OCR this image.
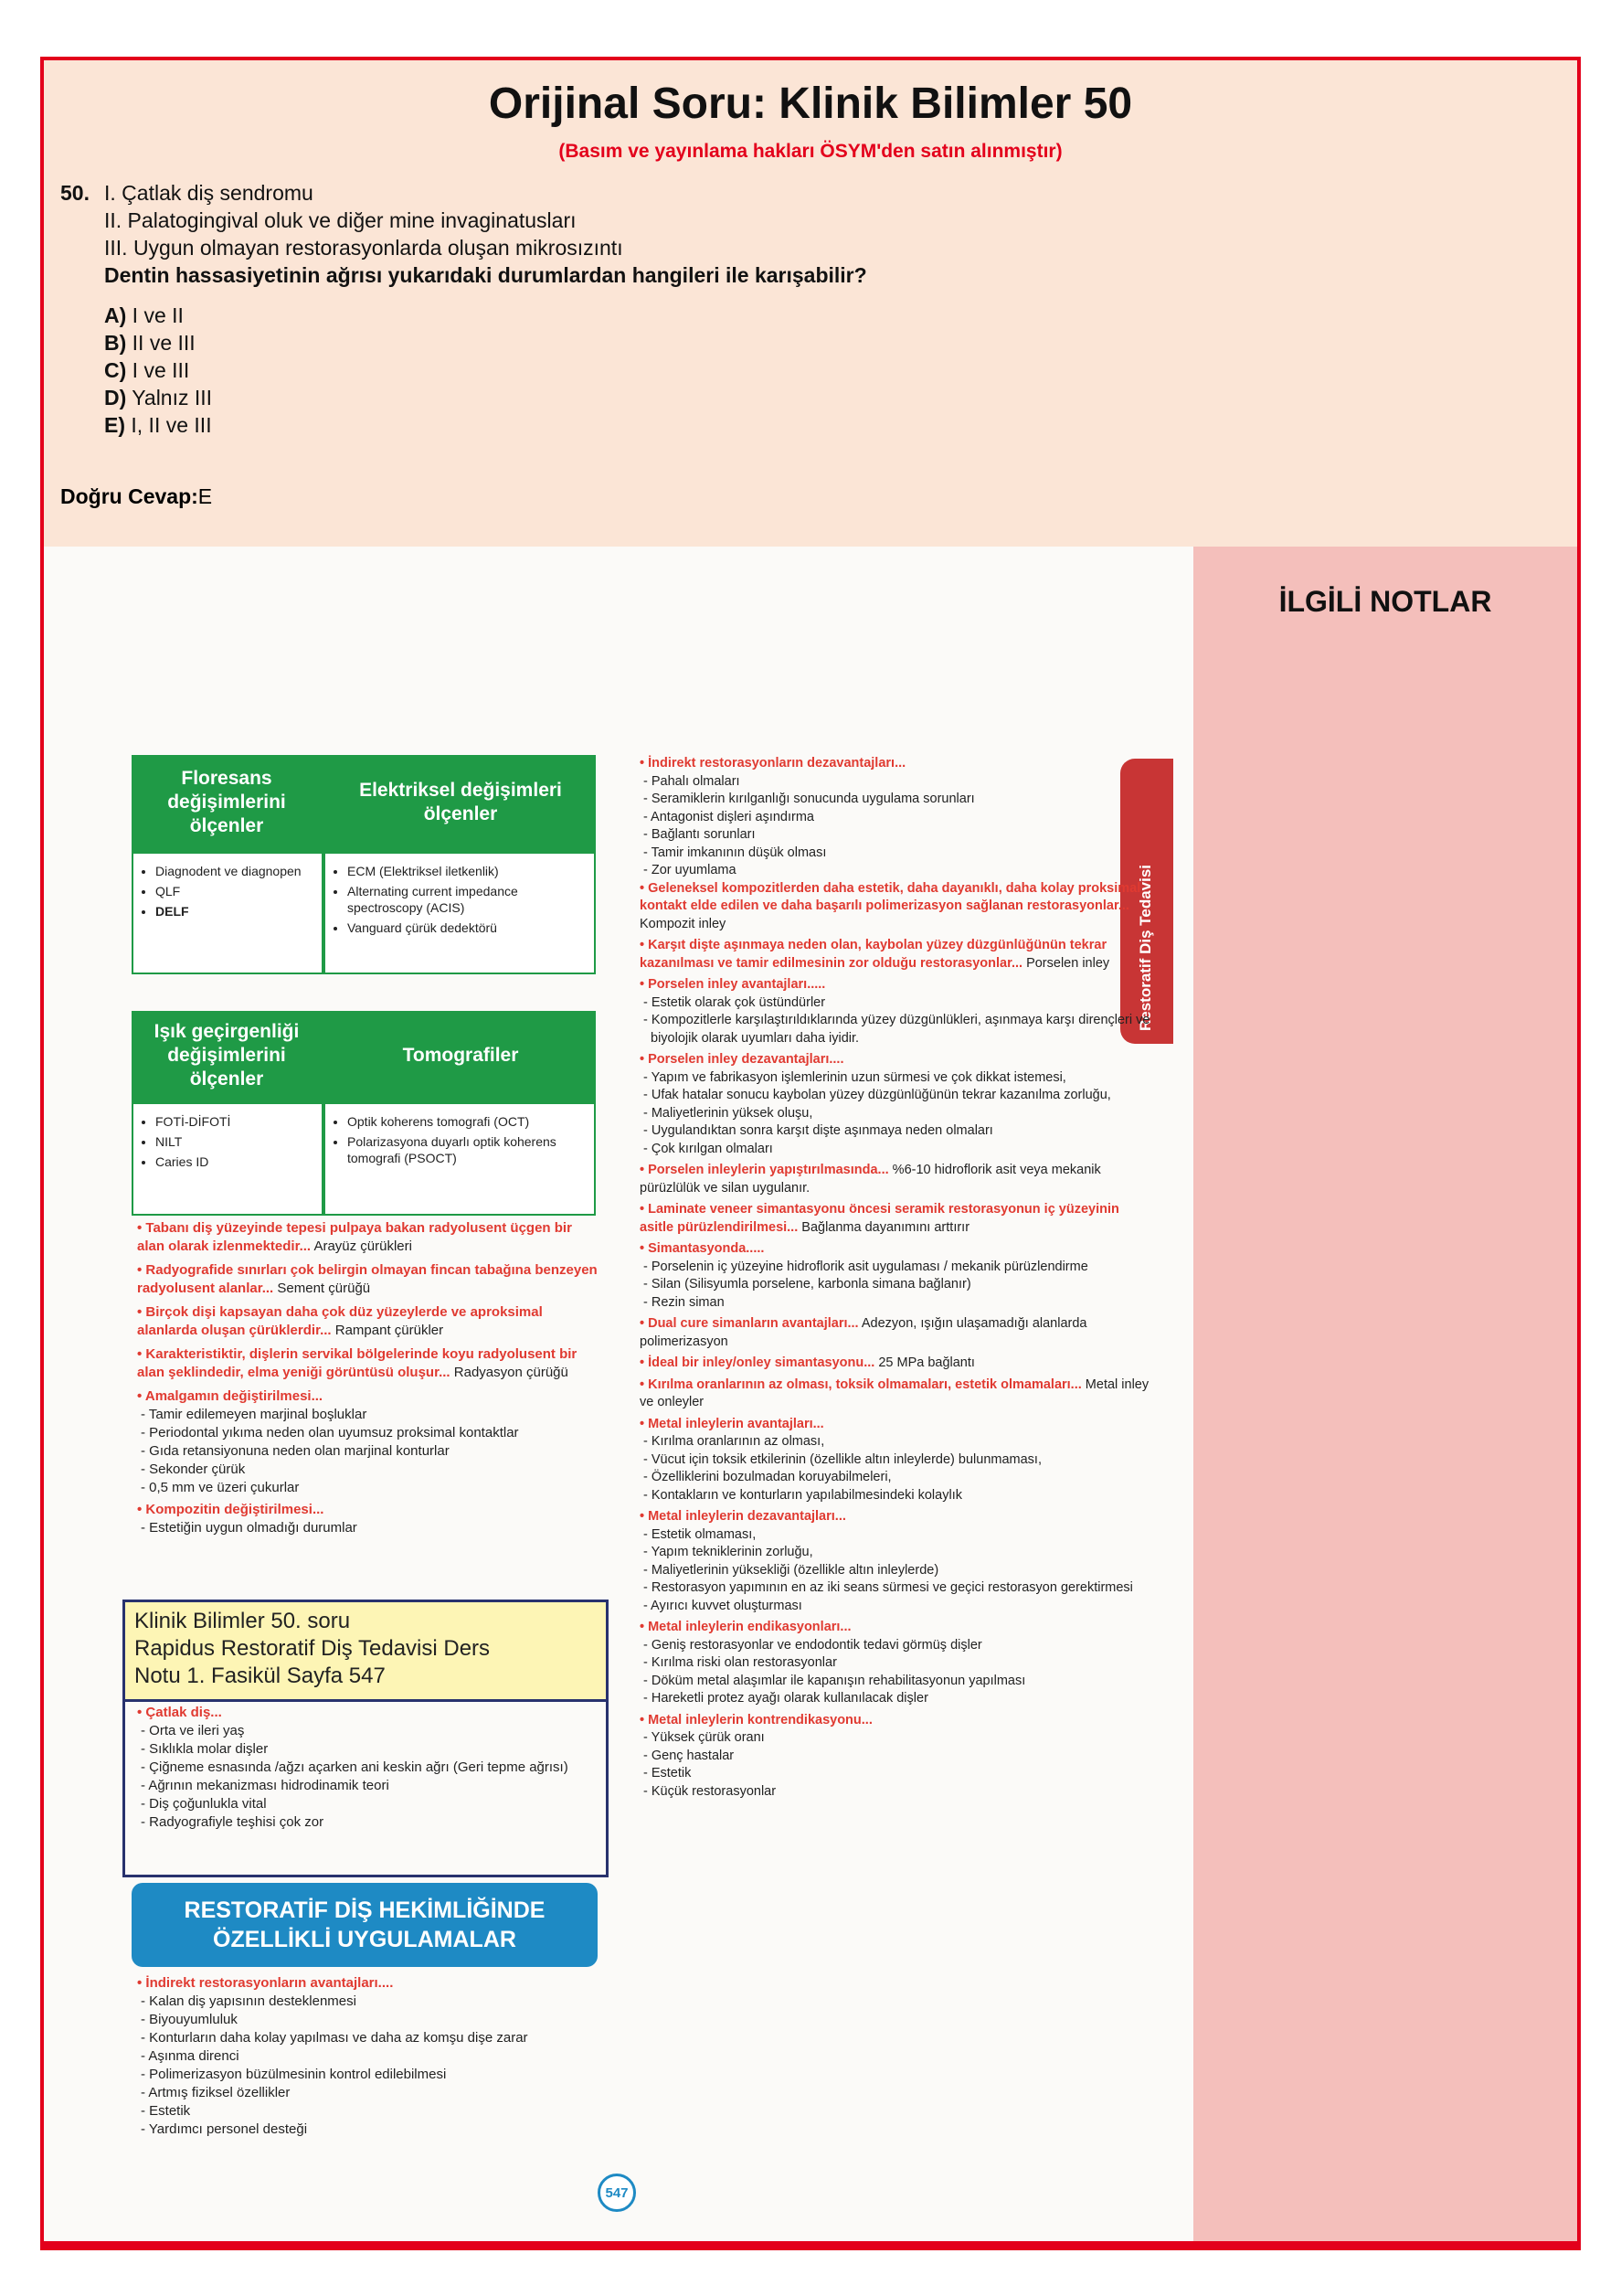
Orijinal Soru: Klinik Bilimler 50
(Basım ve yayınlama hakları ÖSYM'den satın alınmıştır)
50. I. Çatlak diş sendromu
II. Palatogingival oluk ve diğer mine invaginatusları
III. Uygun olmayan restorasyonlarda oluşan mikrosızıntı
Dentin hassasiyetinin ağrısı yukarıdaki durumlardan hangileri ile karışabilir?
A) I ve II
B) II ve III
C) I ve III
D) Yalnız III
E) I, II ve III
Doğru Cevap:E
Floresans değişimlerini ölçenler
Elektriksel değişimleri ölçenler
• Diagnodent ve diagnopen
• QLF
• DELF
• ECM (Elektriksel iletkenlik)
• Alternating current impedance spectroscopy (ACIS)
• Vanguard çürük dedektörü
Işık geçirgenliği değişimlerini ölçenler
Tomografiler
• FOTİ-DİFOTİ
• NILT
• Caries ID
• Optik koherens tomografi (OCT)
• Polarizasyona duyarlı optik koherens tomografi (PSOCT)

• Tabanı diş yüzeyinde tepesi pulpaya bakan radyolusent üçgen bir alan olarak izlenmektedir... Arayüz çürükleri

• Radyografide sınırları çok belirgin olmayan fincan tabağına benzeyen radyolusent alanlar... Sement çürüğü

• Birçok dişi kapsayan daha çok düz yüzeylerde ve aproksimal alanlarda oluşan çürüklerdir... Rampant çürükler

• Karakteristiktir, dişlerin servikal bölgelerinde koyu radyolusent bir alan şeklindedir, elma yeniği görüntüsü oluşur... Radyasyon çürüğü

• Amalgamın değiştirilmesi...

- Tamir edilemeyen marjinal boşluklar

- Periodontal yıkıma neden olan uyumsuz proksimal kontaktlar

- Gıda retansiyonuna neden olan marjinal konturlar

- Sekonder çürük

- 0,5 mm ve üzeri çukurlar

• Kompozitin değiştirilmesi...

- Estetiğin uygun olmadığı durumlar

Klinik Bilimler 50. soru
Rapidus Restoratif Diş Tedavisi Ders
Notu 1. Fasikül Sayfa 547

• Çatlak diş...

- Orta ve ileri yaş

- Sıklıkla molar dişler

- Çiğneme esnasında /ağzı açarken ani keskin ağrı (Geri tepme ağrısı)

- Ağrının mekanizması hidrodinamik teori

- Diş çoğunlukla vital

- Radyografiyle teşhisi çok zor

RESTORATİF DİŞ HEKİMLİĞİNDE ÖZELLİKLİ UYGULAMALAR

• İndirekt restorasyonların avantajları....

- Kalan diş yapısının desteklenmesi

- Biyouyumluluk

- Konturların daha kolay yapılması ve daha az komşu dişe zarar

- Aşınma direnci

- Polimerizasyon büzülmesinin kontrol edilebilmesi

- Artmış fiziksel özellikler

- Estetik

- Yardımcı personel desteği

547
Restoratif Diş Tedavisi

• İndirekt restorasyonların dezavantajları...

- Pahalı olmaları

- Seramiklerin kırılganlığı sonucunda uygulama sorunları

- Antagonist dişleri aşındırma

- Bağlantı sorunları

- Tamir imkanının düşük olması

- Zor uyumlama

• Geleneksel kompozitlerden daha estetik, daha dayanıklı, daha kolay proksimal kontakt elde edilen ve daha başarılı polimerizasyon sağlanan restorasyonlar... Kompozit inley

• Karşıt dişte aşınmaya neden olan, kaybolan yüzey düzgünlüğünün tekrar kazanılması ve tamir edilmesinin zor olduğu restorasyonlar... Porselen inley

• Porselen inley avantajları.....

- Estetik olarak çok üstündürler

- Kompozitlerle karşılaştırıldıklarında yüzey düzgünlükleri, aşınmaya karşı dirençleri ve biyolojik olarak uyumları daha iyidir.

• Porselen inley dezavantajları....

- Yapım ve fabrikasyon işlemlerinin uzun sürmesi ve çok dikkat istemesi,

- Ufak hatalar sonucu kaybolan yüzey düzgünlüğünün tekrar kazanılma zorluğu,

- Maliyetlerinin yüksek oluşu,

- Uygulandıktan sonra karşıt dişte aşınmaya neden olmaları

- Çok kırılgan olmaları

• Porselen inleylerin yapıştırılmasında... %6-10 hidroflorik asit veya mekanik pürüzlülük ve silan uygulanır.

• Laminate veneer simantasyonu öncesi seramik restorasyonun iç yüzeyinin asitle pürüzlendirilmesi... Bağlanma dayanımını arttırır

• Simantasyonda.....

- Porselenin iç yüzeyine hidroflorik asit uygulaması / mekanik pürüzlendirme

- Silan (Silisyumla porselene, karbonla simana bağlanır)

- Rezin siman

• Dual cure simanların avantajları... Adezyon, ışığın ulaşamadığı alanlarda polimerizasyon

• İdeal bir inley/onley simantasyonu... 25 MPa bağlantı

• Kırılma oranlarının az olması, toksik olmamaları, estetik olmamaları... Metal inley ve onleyler

• Metal inleylerin avantajları...

- Kırılma oranlarının az olması,

- Vücut için toksik etkilerinin (özellikle altın inleylerde) bulunmaması,

- Özelliklerini bozulmadan koruyabilmeleri,

- Kontakların ve konturların yapılabilmesindeki kolaylık

• Metal inleylerin dezavantajları...

- Estetik olmaması,

- Yapım tekniklerinin zorluğu,

- Maliyetlerinin yüksekliği (özellikle altın inleylerde)

- Restorasyon yapımının en az iki seans sürmesi ve geçici restorasyon gerektirmesi

- Ayırıcı kuvvet oluşturması

• Metal inleylerin endikasyonları...

- Geniş restorasyonlar ve endodontik tedavi görmüş dişler

- Kırılma riski olan restorasyonlar

- Döküm metal alaşımlar ile kapanışın rehabilitasyonun yapılması

- Hareketli protez ayağı olarak kullanılacak dişler

• Metal inleylerin kontrendikasyonu...

- Yüksek çürük oranı

- Genç hastalar

- Estetik

- Küçük restorasyonlar

İLGİLİ NOTLAR
